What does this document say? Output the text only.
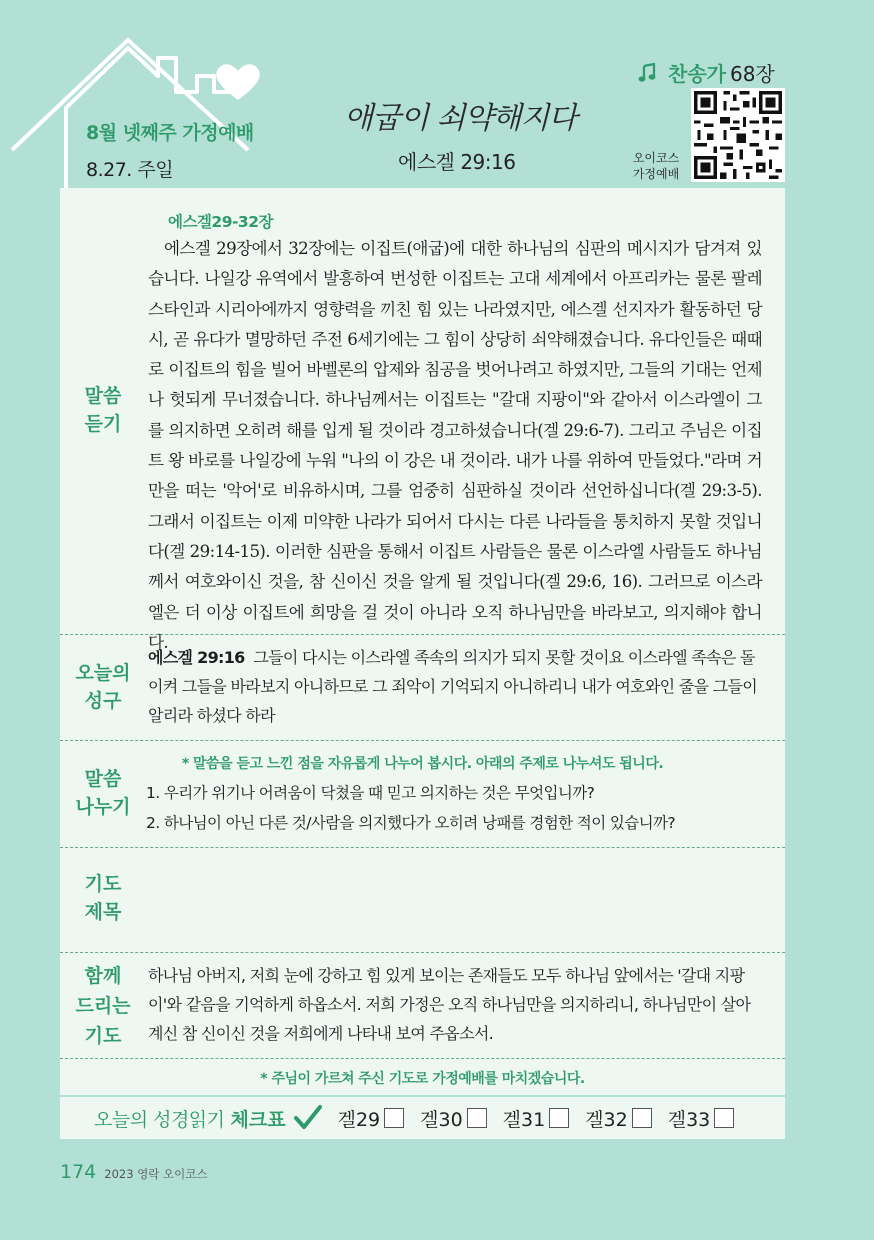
8월 넷째주 가정예배
8.27. 주일
애굽이 쇠약해지다
에스겔 29:16
찬송가 68장
오이코스
가정예배
말씀
듣기
에스겔29-32장
에스겔 29장에서 32장에는 이집트(애굽)에 대한 하나님의 심판의 메시지가 담겨져 있습니다. 나일강 유역에서 발흥하여 번성한 이집트는 고대 세계에서 아프리카는 물론 팔레스타인과 시리아에까지 영향력을 끼친 힘 있는 나라였지만, 에스겔 선지자가 활동하던 당시, 곧 유다가 멸망하던 주전 6세기에는 그 힘이 상당히 쇠약해졌습니다. 유다인들은 때때로 이집트의 힘을 빌어 바벨론의 압제와 침공을 벗어나려고 하였지만, 그들의 기대는 언제나 헛되게 무너졌습니다. 하나님께서는 이집트는 "갈대 지팡이"와 같아서 이스라엘이 그를 의지하면 오히려 해를 입게 될 것이라 경고하셨습니다(겔 29:6-7). 그리고 주님은 이집트 왕 바로를 나일강에 누워 "나의 이 강은 내 것이라. 내가 나를 위하여 만들었다."라며 거만을 떠는 '악어'로 비유하시며, 그를 엄중히 심판하실 것이라 선언하십니다(겔 29:3-5). 그래서 이집트는 이제 미약한 나라가 되어서 다시는 다른 나라들을 통치하지 못할 것입니다(겔 29:14-15). 이러한 심판을 통해서 이집트 사람들은 물론 이스라엘 사람들도 하나님께서 여호와이신 것을, 참 신이신 것을 알게 될 것입니다(겔 29:6, 16). 그러므로 이스라엘은 더 이상 이집트에 희망을 걸 것이 아니라 오직 하나님만을 바라보고, 의지해야 합니다.
오늘의
성구
에스겔 29:16 그들이 다시는 이스라엘 족속의 의지가 되지 못할 것이요 이스라엘 족속은 돌이켜 그들을 바라보지 아니하므로 그 죄악이 기억되지 아니하리니 내가 여호와인 줄을 그들이 알리라 하셨다 하라
말씀
나누기
* 말씀을 듣고 느낀 점을 자유롭게 나누어 봅시다. 아래의 주제로 나누셔도 됩니다.
1. 우리가 위기나 어려움이 닥쳤을 때 믿고 의지하는 것은 무엇입니까?
2. 하나님이 아닌 다른 것/사람을 의지했다가 오히려 낭패를 경험한 적이 있습니까?
기도
제목
함께
드리는
기도
하나님 아버지, 저희 눈에 강하고 힘 있게 보이는 존재들도 모두 하나님 앞에서는 '갈대 지팡이'와 같음을 기억하게 하옵소서. 저희 가정은 오직 하나님만을 의지하리니, 하나님만이 살아계신 참 신이신 것을 저희에게 나타내 보여 주옵소서.
* 주님이 가르쳐 주신 기도로 가정예배를 마치겠습니다.
오늘의 성경읽기 체크표	겔29 겔30 겔31 겔32 겔33
174 2023 영락 오이코스
